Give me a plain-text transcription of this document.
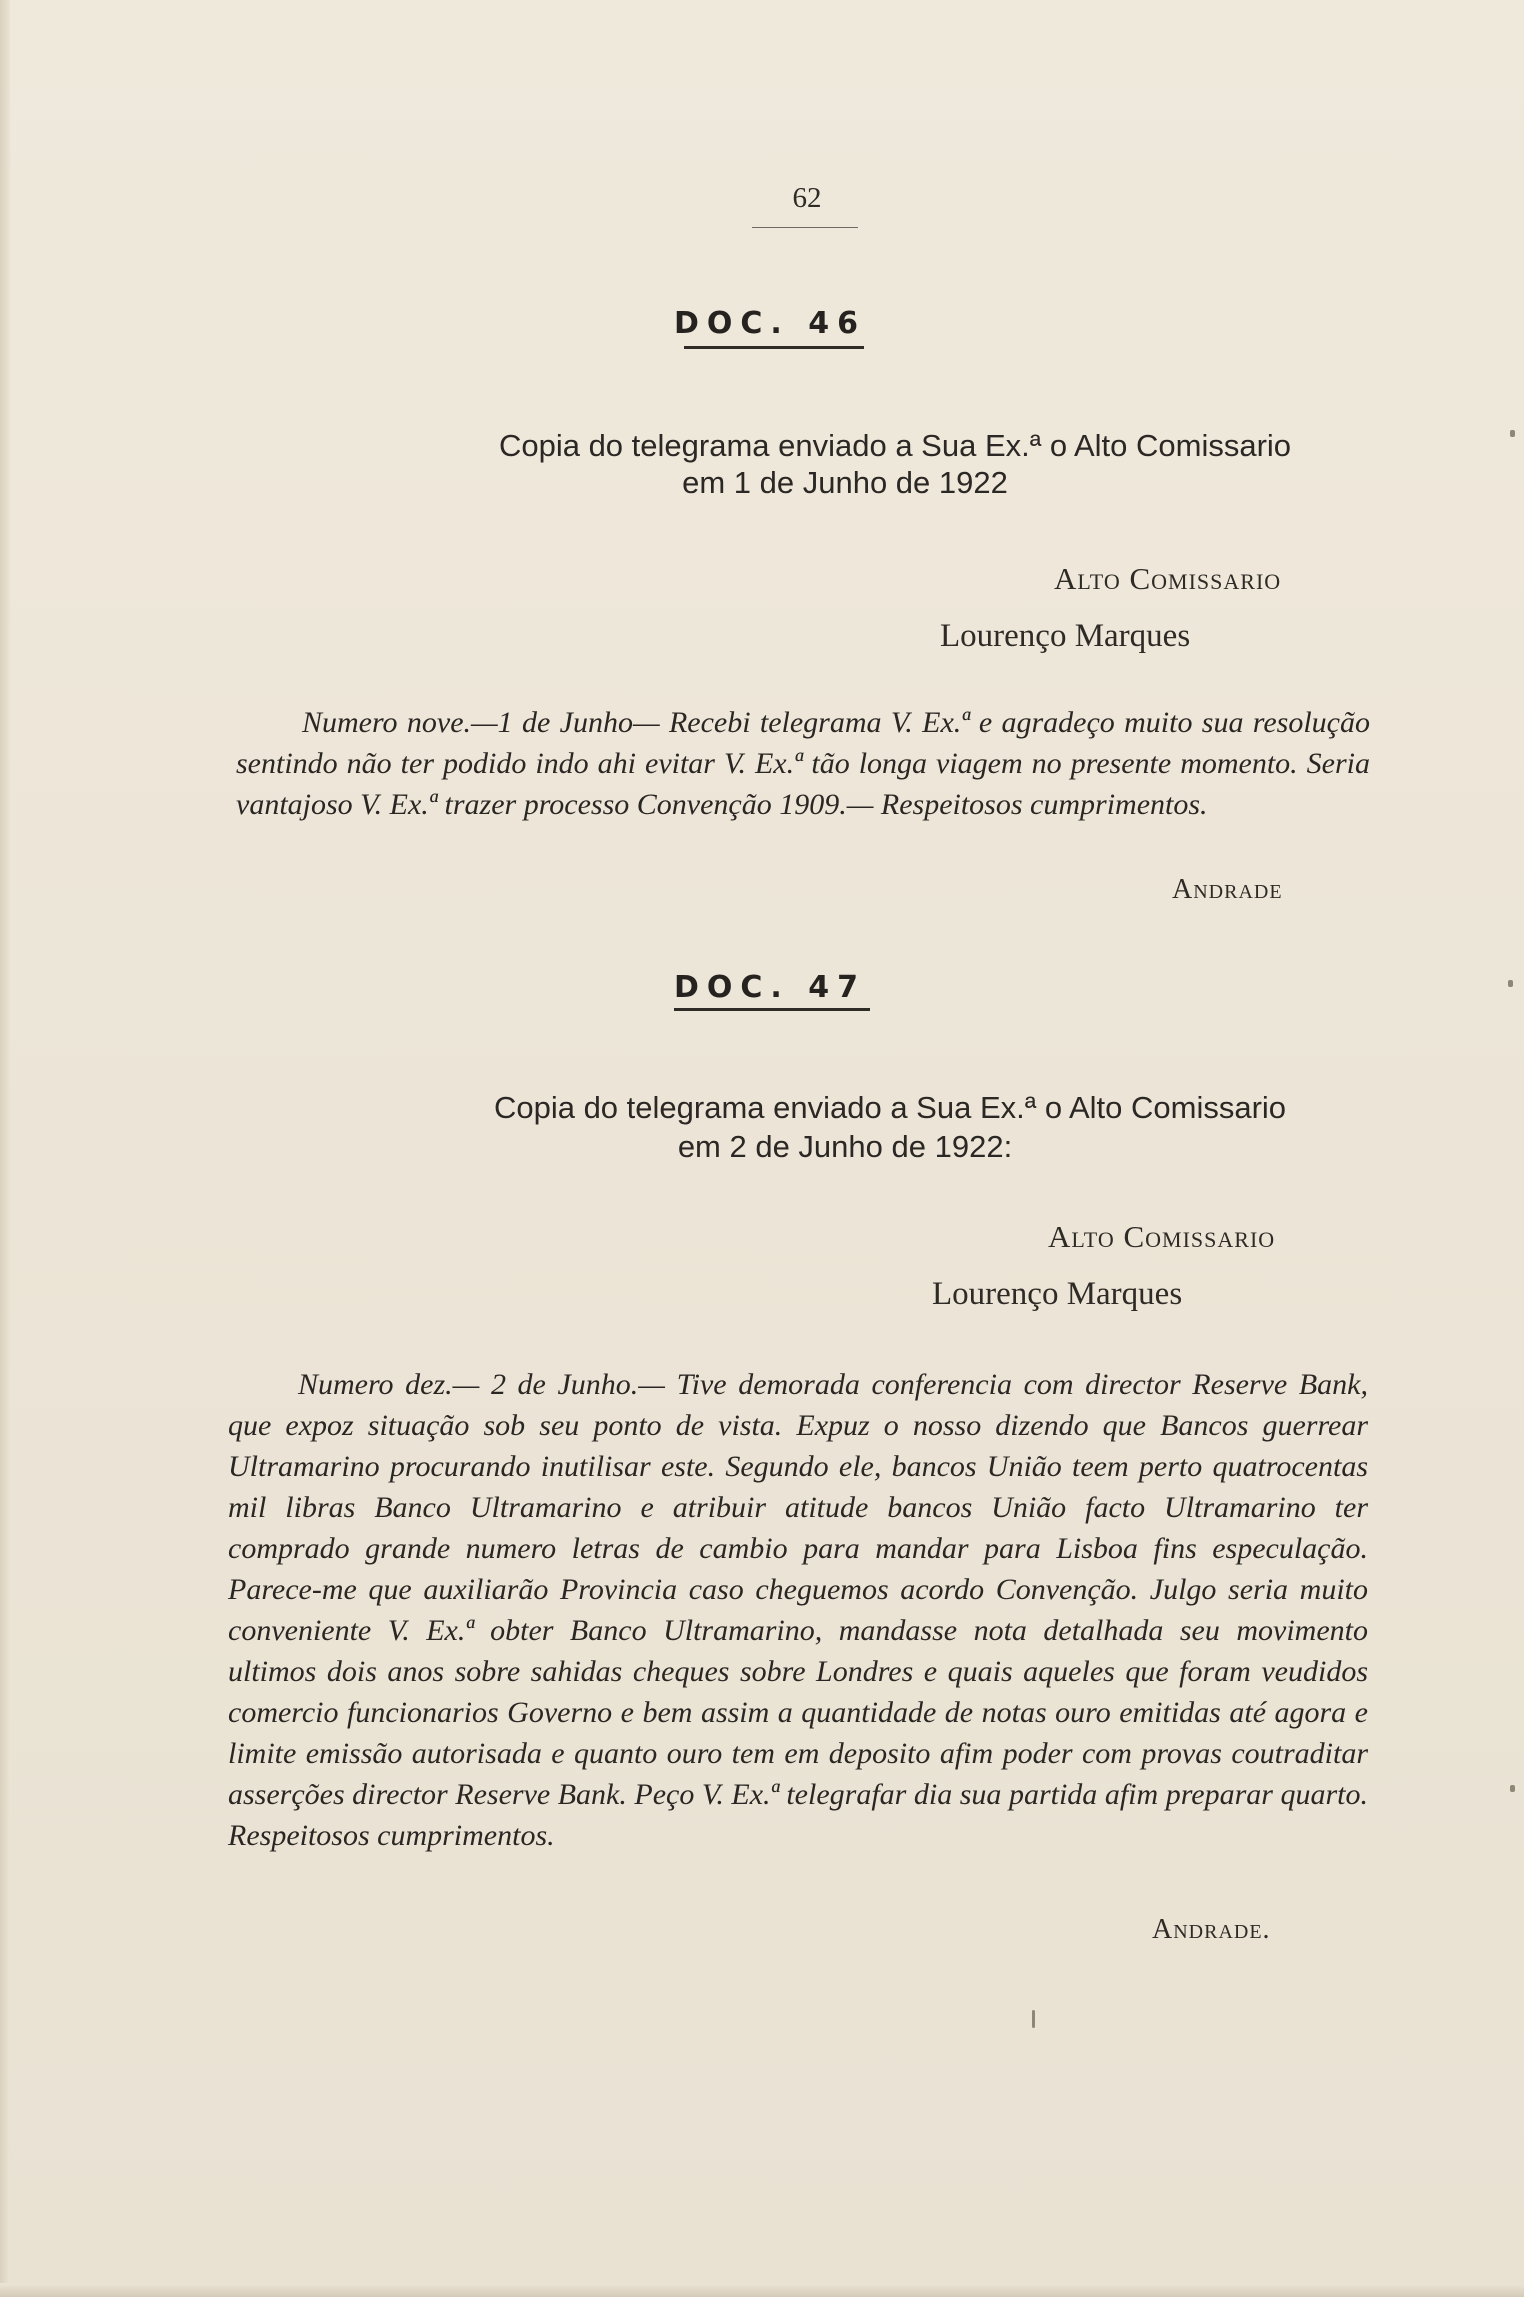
62
DOC. 46
Copia do telegrama enviado a Sua Ex.ª o Alto Comissario
em 1 de Junho de 1922
Alto Comissario
Lourenço Marques

Numero nove.—1 de Junho— Recebi telegrama V. Ex.ª e agradeço muito sua resolução sentindo não ter podido indo ahi evitar V. Ex.ª tão longa viagem no presente momento. Seria vantajoso V. Ex.ª trazer processo Convenção 1909.— Respeitosos cumprimentos.

Andrade
DOC. 47
Copia do telegrama enviado a Sua Ex.ª o Alto Comissario
em 2 de Junho de 1922:
Alto Comissario
Lourenço Marques

Numero dez.— 2 de Junho.— Tive demorada conferencia com director Reserve Bank, que expoz situação sob seu ponto de vista. Expuz o nosso dizendo que Bancos guerrear Ultramarino procurando inutilisar este. Segundo ele, bancos União teem perto quatrocentas mil libras Banco Ultramarino e atribuir atitude bancos União facto Ultramarino ter comprado grande numero letras de cambio para mandar para Lisboa fins especulação. Parece-me que auxiliarão Provincia caso cheguemos acordo Convenção. Julgo seria muito conveniente V. Ex.ª obter Banco Ultramarino, mandasse nota detalhada seu movimento ultimos dois anos sobre sahidas cheques sobre Londres e quais aqueles que foram veudidos comercio funcionarios Governo e bem assim a quantidade de notas ouro emitidas até agora e limite emissão autorisada e quanto ouro tem em deposito afim poder com provas coutraditar asserções director Reserve Bank. Peço V. Ex.ª telegrafar dia sua partida afim preparar quarto. Respeitosos cumprimentos.

Andrade.
